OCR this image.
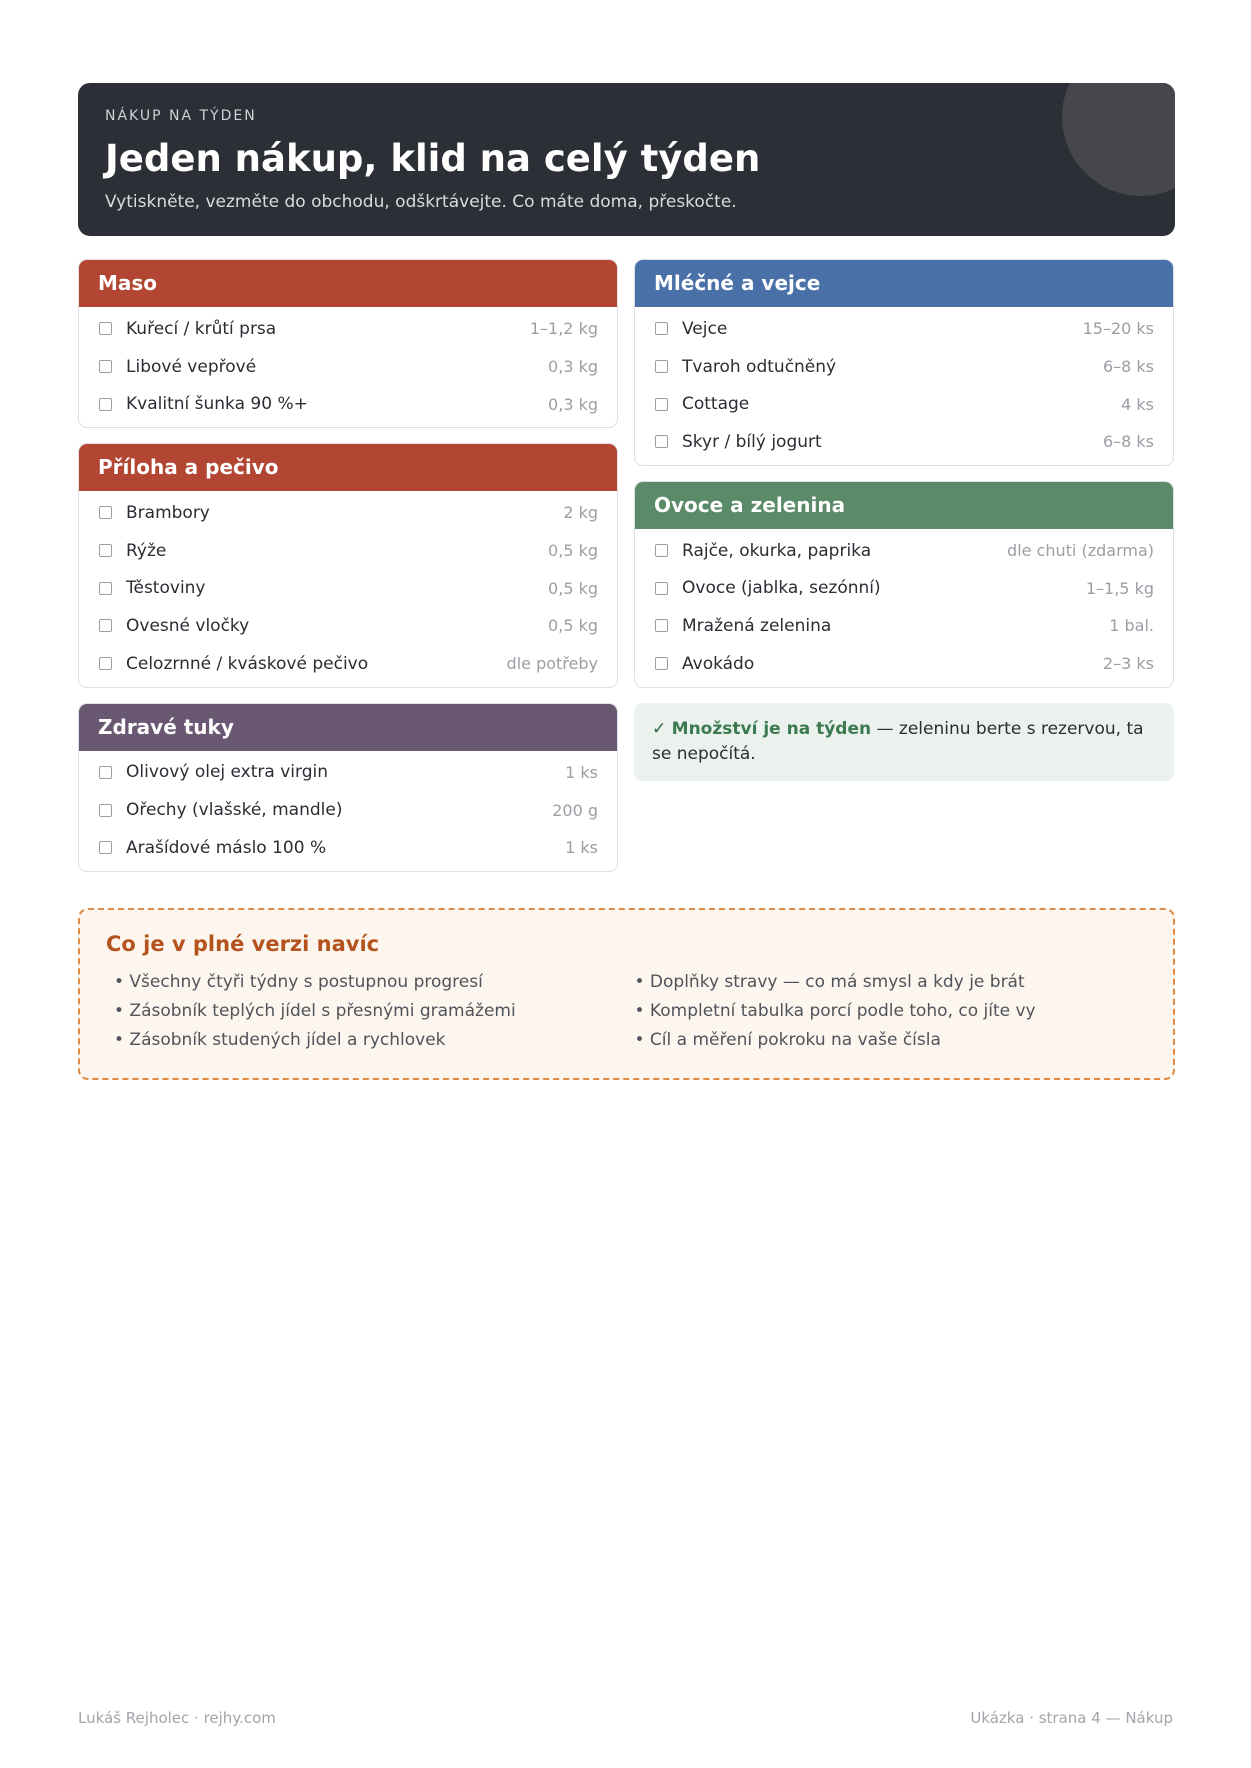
NÁKUP NA TÝDEN
Jeden nákup, klid na celý týden
Vytiskněte, vezměte do obchodu, odškrtávejte. Co máte doma, přeskočte.
Maso
Kuřecí / krůtí prsa	1–1,2 kg
Libové vepřové	0,3 kg
Kvalitní šunka 90 %+	0,3 kg
Příloha a pečivo
Brambory	2 kg
Rýže	0,5 kg
Těstoviny	0,5 kg
Ovesné vločky	0,5 kg
Celozrnné / kváskové pečivo	dle potřeby
Zdravé tuky
Olivový olej extra virgin	1 ks
Ořechy (vlašské, mandle)	200 g
Arašídové máslo 100 %	1 ks
Mléčné a vejce
Vejce	15–20 ks
Tvaroh odtučněný	6–8 ks
Cottage	4 ks
Skyr / bílý jogurt	6–8 ks
Ovoce a zelenina
Rajče, okurka, paprika	dle chuti (zdarma)
Ovoce (jablka, sezónní)	1–1,5 kg
Mražená zelenina	1 bal.
Avokádo	2–3 ks
✓ Množství je na týden — zeleninu berte s rezervou, ta se nepočítá.
Co je v plné verzi navíc
• Všechny čtyři týdny s postupnou progresí
• Zásobník teplých jídel s přesnými gramážemi
• Zásobník studených jídel a rychlovek
• Doplňky stravy — co má smysl a kdy je brát
• Kompletní tabulka porcí podle toho, co jíte vy
• Cíl a měření pokroku na vaše čísla
Lukáš Rejholec · rejhy.com	Ukázka · strana 4 — Nákup
